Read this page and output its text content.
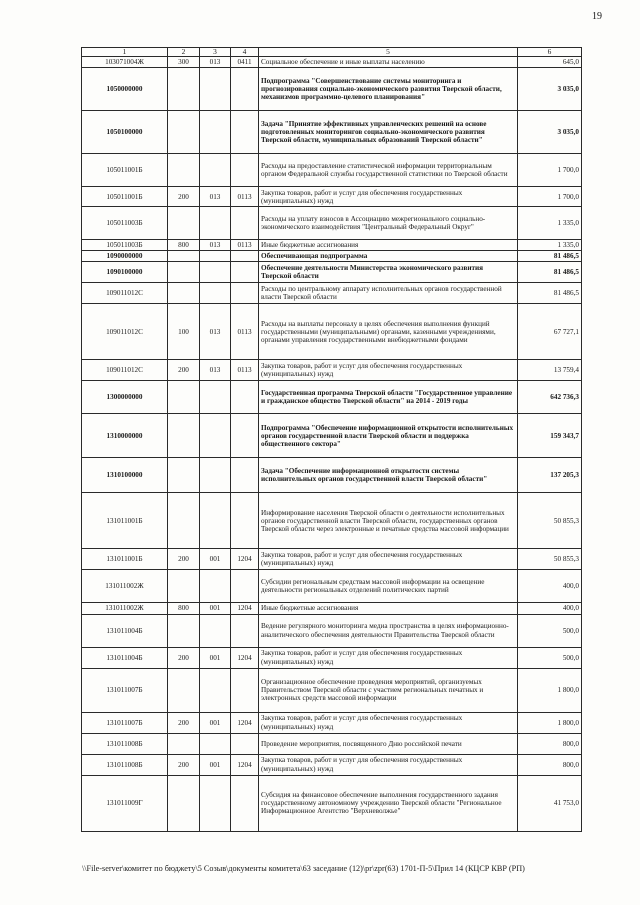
19
1	2	3	4	5	6
103071004Ж	300	013	0411	Социальное обеспечение и иные выплаты населению	645,0
1050000000				Подпрограмма "Совершенствование системы мониторинга и прогнозирования социально-экономического развития Тверской области, механизмов программно-целевого планирования"	3 035,0
1050100000				Задача "Принятие эффективных управленческих решений на основе подготовленных мониторингов социально-экономического развития Тверской области, муниципальных образований Тверской области"	3 035,0
105011001Б				Расходы на предоставление статистической информации территориальным органом Федеральной службы государственной статистики по Тверской области	1 700,0
105011001Б	200	013	0113	Закупка товаров, работ и услуг для обеспечения государственных (муниципальных) нужд	1 700,0
105011003Б				Расходы на уплату взносов в Ассоциацию межрегионального социально-экономического взаимодействия "Центральный Федеральный Округ"	1 335,0
105011003Б	800	013	0113	Иные бюджетные ассигнования	1 335,0
1090000000				Обеспечивающая подпрограмма	81 486,5
1090100000				Обеспечение деятельности Министерства экономического развития Тверской области	81 486,5
109011012С				Расходы по центральному аппарату исполнительных органов государственной власти Тверской области	81 486,5
109011012С	100	013	0113	Расходы на выплаты персоналу в целях обеспечения выполнения функций государственными (муниципальными) органами, казенными учреждениями, органами управления государственными внебюджетными фондами	67 727,1
109011012С	200	013	0113	Закупка товаров, работ и услуг для обеспечения государственных (муниципальных) нужд	13 759,4
1300000000				Государственная программа Тверской области "Государственное управление и гражданское общество Тверской области" на 2014 - 2019 годы	642 736,3
1310000000				Подпрограмма "Обеспечение информационной открытости исполнительных органов государственной власти Тверской области и поддержка общественного сектора"	159 343,7
1310100000				Задача "Обеспечение информационной открытости системы исполнительных органов государственной власти Тверской области"	137 205,3
131011001Б				Информирование населения Тверской области о деятельности исполнительных органов государственной власти Тверской области, государственных органов Тверской области через электронные и печатные средства массовой информации	50 855,3
131011001Б	200	001	1204	Закупка товаров, работ и услуг для обеспечения государственных (муниципальных) нужд	50 855,3
131011002Ж				Субсидии региональным средствам массовой информации на освещение деятельности региональных отделений политических партий	400,0
131011002Ж	800	001	1204	Иные бюджетные ассигнования	400,0
131011004Б				Ведение регулярного мониторинга медиа пространства в целях информационно-аналитического обеспечения деятельности Правительства Тверской области	500,0
131011004Б	200	001	1204	Закупка товаров, работ и услуг для обеспечения государственных (муниципальных) нужд	500,0
131011007Б				Организационное обеспечение проведения мероприятий, организуемых Правительством Тверской области с участием региональных печатных и электронных средств массовой информации	1 800,0
131011007Б	200	001	1204	Закупка товаров, работ и услуг для обеспечения государственных (муниципальных) нужд	1 800,0
131011008Б				Проведение мероприятия, посвященного Дню российской печати	800,0
131011008Б	200	001	1204	Закупка товаров, работ и услуг для обеспечения государственных (муниципальных) нужд	800,0
131011009Г				Субсидия на финансовое обеспечение выполнения государственного задания государственному автономному учреждению Тверской области "Региональное Информационное Агентство "Верхневолжье"	41 753,0
\\File-server\комитет по бюджету\5 Созыв\документы комитета\63 заседание (12)\pr\zpr(63) 1701-П-5\Прил 14 (КЦСР КВР (РП)
